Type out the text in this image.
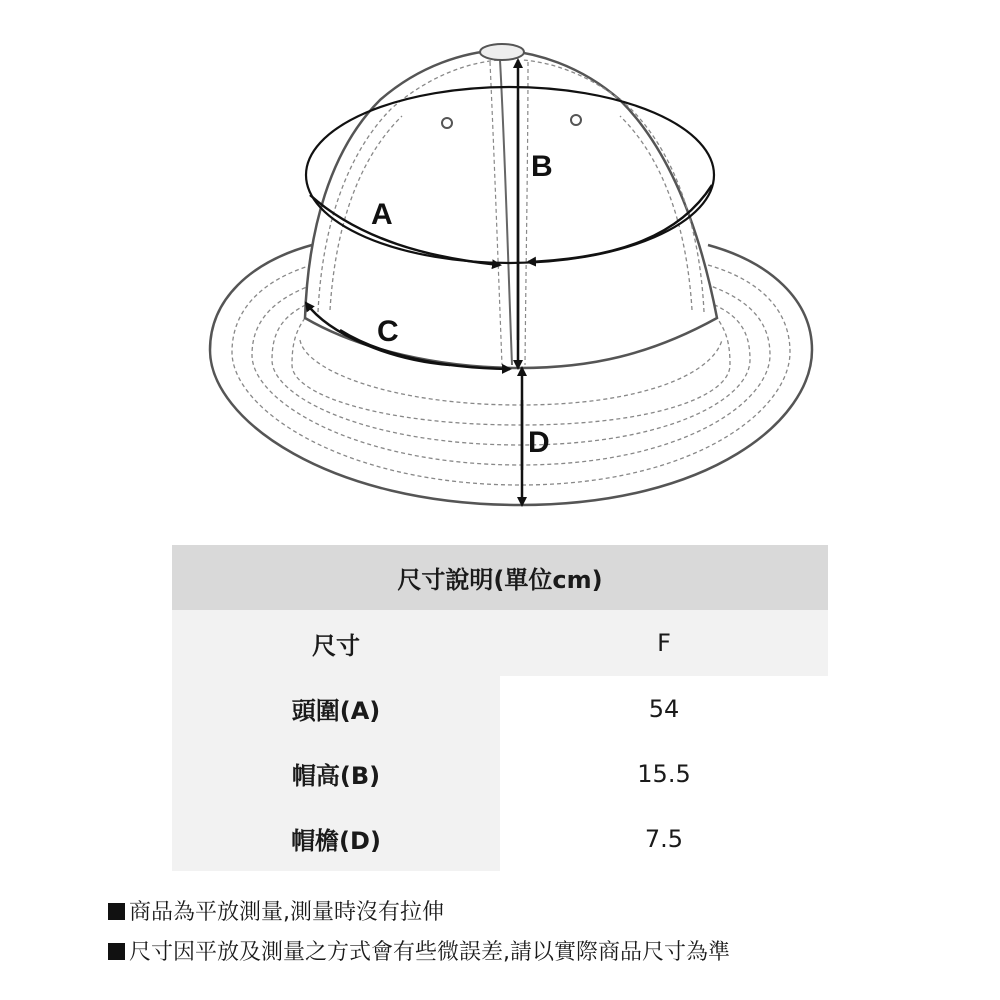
A
B
C
D
尺寸說明(單位cm)	
尺寸	F
頭圍(A)	54
帽高(B)	15.5
帽檐(D)	7.5
商品為平放測量,測量時沒有拉伸
尺寸因平放及測量之方式會有些微誤差,請以實際商品尺寸為準
